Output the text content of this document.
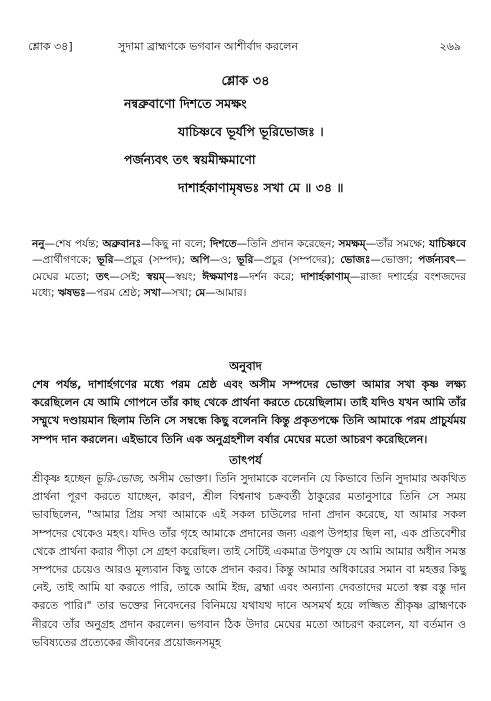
শ্লোক ৩৪]	সুদামা ব্রাহ্মণকে ভগবান আশীর্বাদ করলেন	২৬৯
শ্লোক ৩৪
নন্বব্রুবাণো দিশতে সমক্ষং
যাচিষ্ণবে ভূর্যপি ভূরিভোজঃ ।
পর্জন্যবৎ তৎ স্বয়মীক্ষমাণো
দাশার্হকাণামৃষভঃ সখা মে ॥ ৩৪ ॥
ননু—শেষ পর্যন্ত; অব্রুবানঃ—কিছু না বলে; দিশতে—তিনি প্রদান করেছেন; সমক্ষম্—তাঁর সমক্ষে; যাচিষ্ণবে—প্রার্থীগণকে; ভূরি—প্রচুর (সম্পদ); অপি—ও; ভূরি—প্রচুর (সম্পদের); ভোজঃ—ভোক্তা; পর্জন্যবৎ—মেঘের মতো; তৎ—সেই; স্বয়ম্—স্বয়ং; ঈক্ষমাণঃ—দর্শন করে; দাশার্হকাণাম্—রাজা দশার্হের বংশজদের মধ্যে; ঋষভঃ—পরম শ্রেষ্ঠ; সখা—সখা; মে—আমার।
অনুবাদ
শেষ পর্যন্ত, দাশার্হগণের মধ্যে পরম শ্রেষ্ঠ এবং অসীম সম্পদের ভোক্তা আমার সখা কৃষ্ণ লক্ষ্য করেছিলেন যে আমি গোপনে তাঁর কাছ থেকে প্রার্থনা করতে চেয়েছিলাম। তাই যদিও যখন আমি তাঁর সম্মুখে দণ্ডায়মান ছিলাম তিনি সে সম্বন্ধে কিছু বলেননি কিন্তু প্রকৃতপক্ষে তিনি আমাকে পরম প্রাচুর্যময় সম্পদ দান করলেন। এইভাবে তিনি এক অনুগ্রহশীল বর্ষার মেঘের মতো আচরণ করেছিলেন।
তাৎপর্য
শ্রীকৃষ্ণ হচ্ছেন ভূরি-ভোজ, অসীম ভোক্তা। তিনি সুদামাকে বলেননি যে কিভাবে তিনি সুদামার অকথিত প্রার্থনা পূরণ করতে যাচ্ছেন, কারণ, শ্রীল বিশ্বনাথ চক্রবর্তী ঠাকুরের মতানুসারে তিনি সে সময় ভাবছিলেন, "আমার প্রিয় সখা আমাকে এই সকল চাউলের দানা প্রদান করেছে, যা আমার সকল সম্পদের থেকেও মহৎ। যদিও তাঁর গৃহে আমাকে প্রদানের জন্য এরূপ উপহার ছিল না, এক প্রতিবেশীর থেকে প্রার্থনা করার পীড়া সে গ্রহণ করেছিল। তাই সেটিই একমাত্র উপযুক্ত যে আমি আমার অধীন সমস্ত সম্পদের চেয়েও আরও মূল্যবান কিছু তাকে প্রদান করব। কিন্তু আমার অধিকারের সমান বা মহত্তর কিছু নেই, তাই আমি যা করতে পারি, তাকে আমি ইন্দ্র, ব্রহ্মা এবং অন্যান্য দেবতাদের মতো স্বল্প বস্তু দান করতে পারি।" তার ভক্তের নিবেদনের বিনিময়ে যথাযথ দানে অসমর্থ হয়ে লজ্জিত শ্রীকৃষ্ণ ব্রাহ্মণকে নীরবে তাঁর অনুগ্রহ প্রদান করলেন। ভগবান ঠিক উদার মেঘের মতো আচরণ করলেন, যা বর্তমান ও ভবিষ্যতের প্রত্যেকের জীবনের প্রয়োজনসমূহ
